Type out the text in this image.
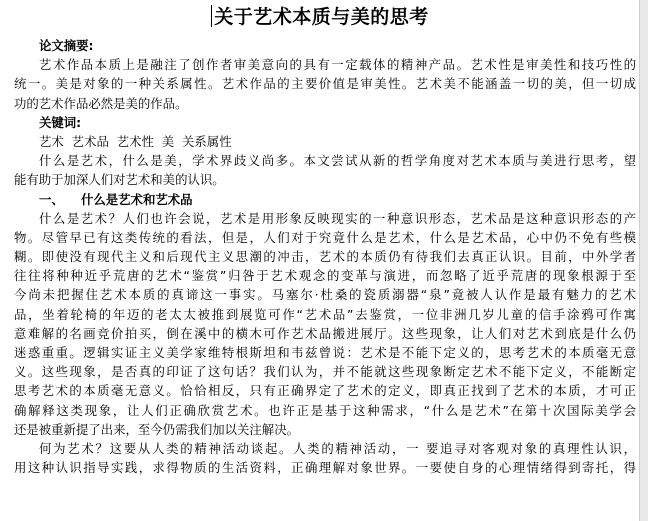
关于艺术本质与美的思考
论文摘要:
艺术作品本质上是融注了创作者审美意向的具有一定载体的精神产品。艺术性是审美性和技巧性的
统一。美是对象的一种关系属性。艺术作品的主要价值是审美性。艺术美不能涵盖一切的美，但一切成
功的艺术作品必然是美的作品。
关键词:
艺术  艺术品  艺术性  美  关系属性
什么是艺术，什么是美，学术界歧义尚多。本文尝试从新的哲学角度对艺术本质与美进行思考，望
能有助于加深人们对艺术和美的认识。
一、 什么是艺术和艺术品
什么是艺术？人们也许会说，艺术是用形象反映现实的一种意识形态，艺术品是这种意识形态的产
物。尽管早已有这类传统的看法，但是，人们对于究竟什么是艺术，什么是艺术品，心中仍不免有些模
糊。即使没有现代主义和后现代主义思潮的冲击，艺术的本质仍有待我们去真正认识。目前，中外学者
往往将种种近乎荒唐的艺术“鉴赏”归咎于艺术观念的变革与演进，而忽略了近乎荒唐的现象根源于至
今尚未把握住艺术本质的真谛这一事实。马塞尔·杜桑的瓷质溺器“泉”竟被人认作是最有魅力的艺术
品，坐着轮椅的年迈的老太太被推到展览可作“艺术品”去鉴赏，一位非洲几岁儿童的信手涂鸦可作寓
意难解的名画竞价拍买，倒在溪中的横木可作艺术品搬进展厅。这些现象，让人们对艺术到底是什么仍
迷惑重重。逻辑实证主义美学家维特根斯坦和韦兹曾说：艺术是不能下定义的，思考艺术的本质毫无意
义。这些现象，是否真的印证了这句话？我们认为，并不能就这些现象断定艺术不能下定义，不能断定
思考艺术的本质毫无意义。恰恰相反，只有正确界定了艺术的定义，即真正找到了艺术的本质，才可正
确解释这类现象，让人们正确欣赏艺术。也许正是基于这种需求，“什么是艺术”在第十次国际美学会
还是被重新提了出来，至今仍需我们加以关注解决。
何为艺术？这要从人类的精神活动谈起。人类的精神活动，一 要追寻对客观对象的真理性认识，
用这种认识指导实践，求得物质的生活资料，正确理解对象世界。一要使自身的心理情绪得到寄托，得
